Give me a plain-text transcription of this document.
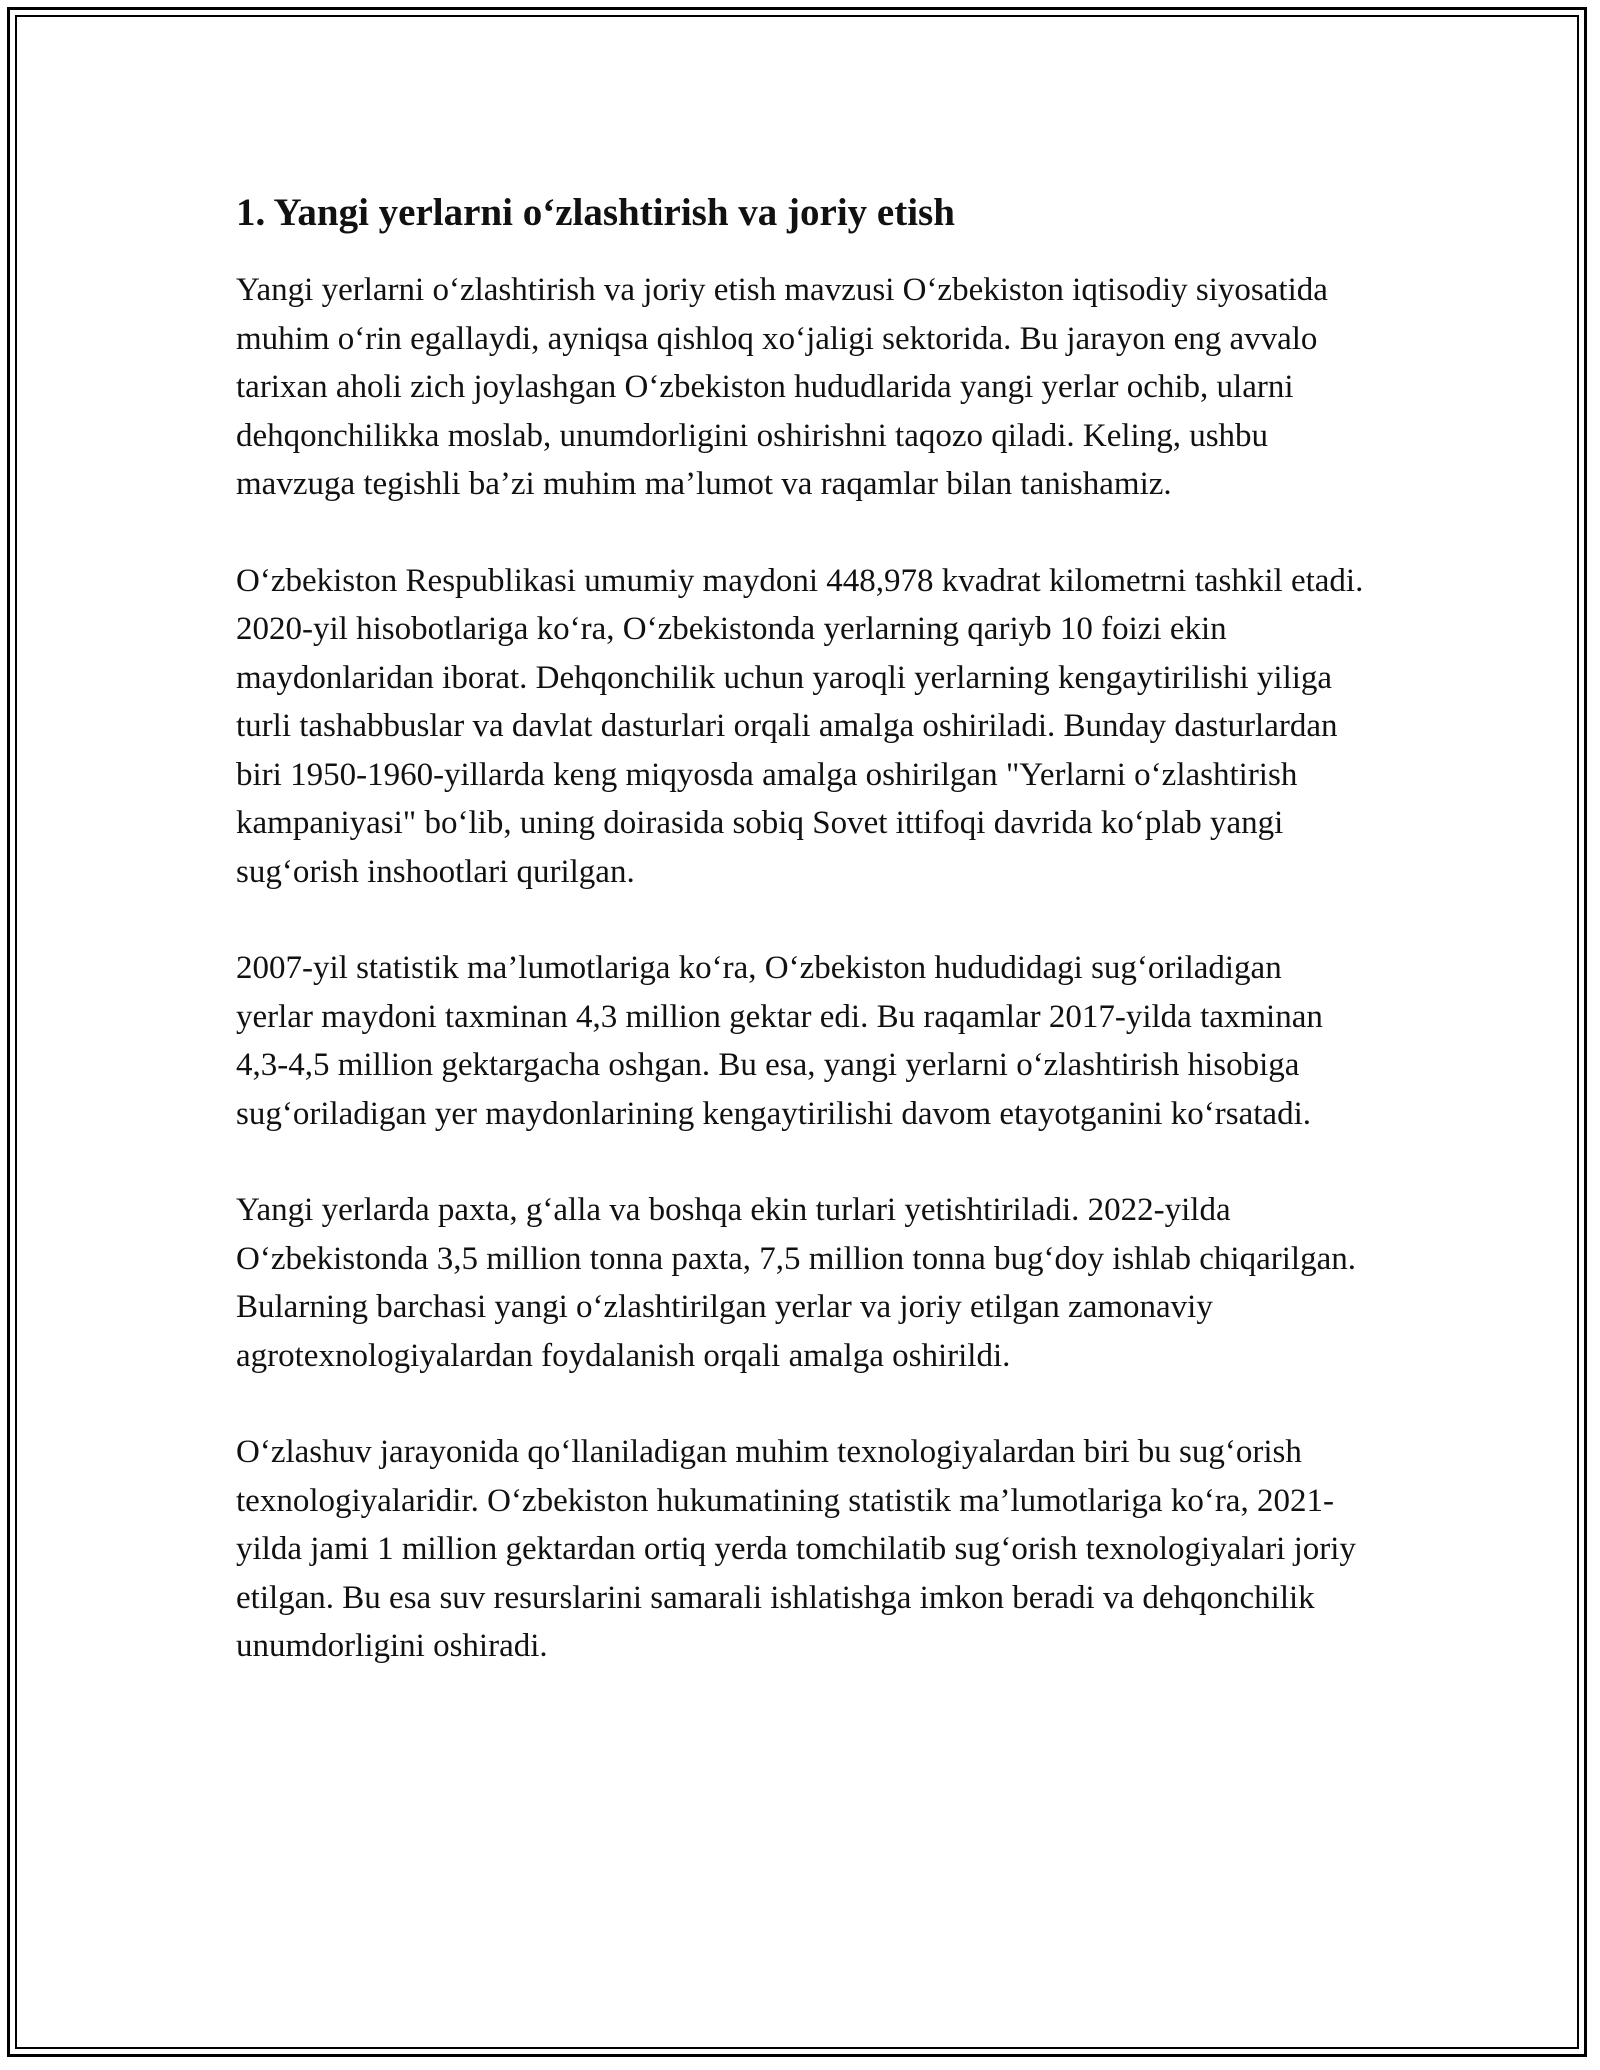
1. Yangi yerlarni o‘zlashtirish va joriy etish

Yangi yerlarni o‘zlashtirish va joriy etish mavzusi O‘zbekiston iqtisodiy siyosatida muhim o‘rin egallaydi, ayniqsa qishloq xo‘jaligi sektorida. Bu jarayon eng avvalo tarixan aholi zich joylashgan O‘zbekiston hududlarida yangi yerlar ochib, ularni dehqonchilikka moslab, unumdorligini oshirishni taqozo qiladi. Keling, ushbu mavzuga tegishli ba’zi muhim ma’lumot va raqamlar bilan tanishamiz.

O‘zbekiston Respublikasi umumiy maydoni 448,978 kvadrat kilometrni tashkil etadi. 2020-yil hisobotlariga ko‘ra, O‘zbekistonda yerlarning qariyb 10 foizi ekin maydonlaridan iborat. Dehqonchilik uchun yaroqli yerlarning kengaytirilishi yiliga turli tashabbuslar va davlat dasturlari orqali amalga oshiriladi. Bunday dasturlardan biri 1950-1960-yillarda keng miqyosda amalga oshirilgan "Yerlarni o‘zlashtirish kampaniyasi" bo‘lib, uning doirasida sobiq Sovet ittifoqi davrida ko‘plab yangi sug‘orish inshootlari qurilgan.

2007-yil statistik ma’lumotlariga ko‘ra, O‘zbekiston hududidagi sug‘oriladigan yerlar maydoni taxminan 4,3 million gektar edi. Bu raqamlar 2017-yilda taxminan 4,3-4,5 million gektargacha oshgan. Bu esa, yangi yerlarni o‘zlashtirish hisobiga sug‘oriladigan yer maydonlarining kengaytirilishi davom etayotganini ko‘rsatadi.

Yangi yerlarda paxta, g‘alla va boshqa ekin turlari yetishtiriladi. 2022-yilda O‘zbekistonda 3,5 million tonna paxta, 7,5 million tonna bug‘doy ishlab chiqarilgan. Bularning barchasi yangi o‘zlashtirilgan yerlar va joriy etilgan zamonaviy agrotexnologiyalardan foydalanish orqali amalga oshirildi.

O‘zlashuv jarayonida qo‘llaniladigan muhim texnologiyalardan biri bu sug‘orish texnologiyalaridir. O‘zbekiston hukumatining statistik ma’lumotlariga ko‘ra, 2021-yilda jami 1 million gektardan ortiq yerda tomchilatib sug‘orish texnologiyalari joriy etilgan. Bu esa suv resurslarini samarali ishlatishga imkon beradi va dehqonchilik unumdorligini oshiradi.
